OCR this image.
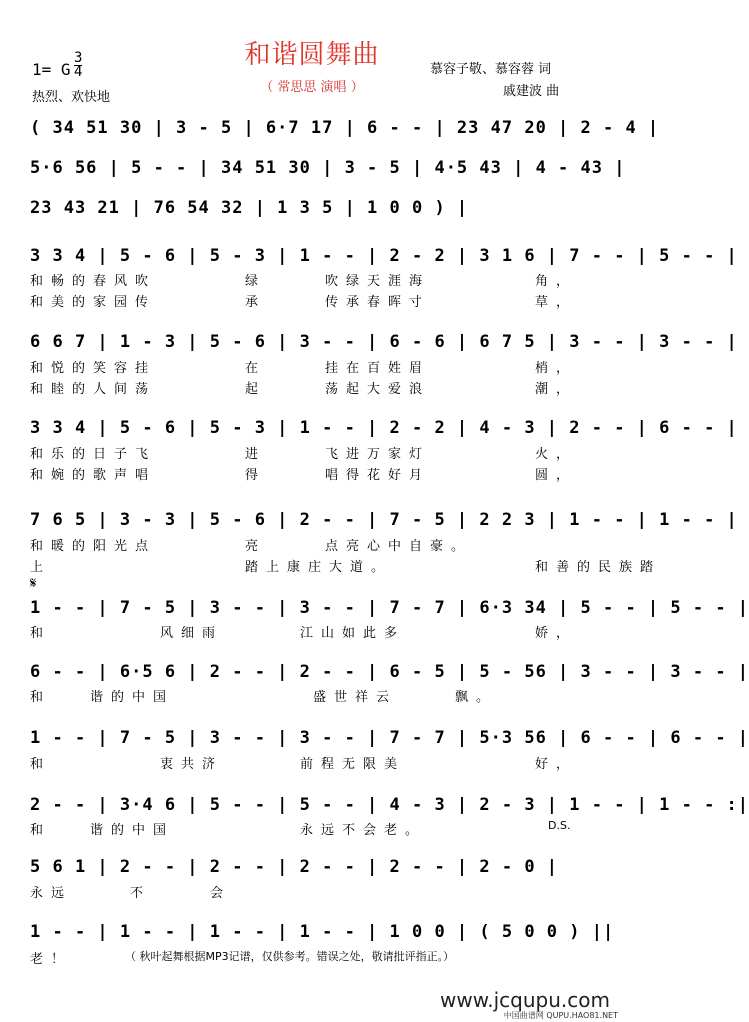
和谐圆舞曲
（ 常思思 演唱 ）
1= G
3
4
热烈、欢快地
慕容子敬、慕容蓉 词
戚建波 曲
( 34 51 30 | 3 - 5 | 6·7 17 | 6 - - | 23 47 20 | 2 - 4 |
5·6 56 | 5 - - | 34 51 30 | 3 - 5 | 4·5 43 | 4 - 43 |
23 43 21 | 76 54 32 | 1 3 5 | 1 0 0 ) |
3 3 4 | 5 - 6 | 5 - 3 | 1 - - | 2 - 2 | 3 1 6 | 7 - - | 5 - - |
和畅的春风吹	绿	吹绿天涯海	角，
和美的家园传	承	传承春晖寸	草，
6 6 7 | 1 - 3 | 5 - 6 | 3 - - | 6 - 6 | 6 7 5 | 3 - - | 3 - - |
和悦的笑容挂	在	挂在百姓眉	梢，
和睦的人间荡	起	荡起大爱浪	潮，
3 3 4 | 5 - 6 | 5 - 3 | 1 - - | 2 - 2 | 4 - 3 | 2 - - | 6 - - |
和乐的日子飞	进	飞进万家灯	火，
和婉的歌声唱	得	唱得花好月	圆，
7 6 5 | 3 - 3 | 5 - 6 | 2 - - | 7 - 5 | 2 2 3 | 1 - - | 1 - - |
和暖的阳光点	亮	点亮心中自豪。
和善的民族踏
上	踏上康庄大道。
1 - - | 7 - 5 | 3 - - | 3 - - | 7 - 7 | 6·3 34 | 5 - - | 5 - - |
和	风细雨	江山如此多	娇，
6 - - | 6·5 6 | 2 - - | 2 - - | 6 - 5 | 5 - 56 | 3 - - | 3 - - |
和	谐的中国	盛世祥云	飘。
1 - - | 7 - 5 | 3 - - | 3 - - | 7 - 7 | 5·3 56 | 6 - - | 6 - - |
和	衷共济	前程无限美	好，
2 - - | 3·4 6 | 5 - - | 5 - - | 4 - 3 | 2 - 3 | 1 - - | 1 - - :|
和	谐的中国	永远不会老。	D.S.
5 6 1 | 2 - - | 2 - - | 2 - - | 2 - - | 2 - 0 |
永远	不	会
1 - - | 1 - - | 1 - - | 1 - - | 1 0 0 | ( 5 0 0 ) ||
老！
𝄋
（ 秋叶起舞根据MP3记谱，仅供参考。错误之处，敬请批评指正。）
www.jcqupu.com
中国曲谱网 QUPU.HAO81.NET
